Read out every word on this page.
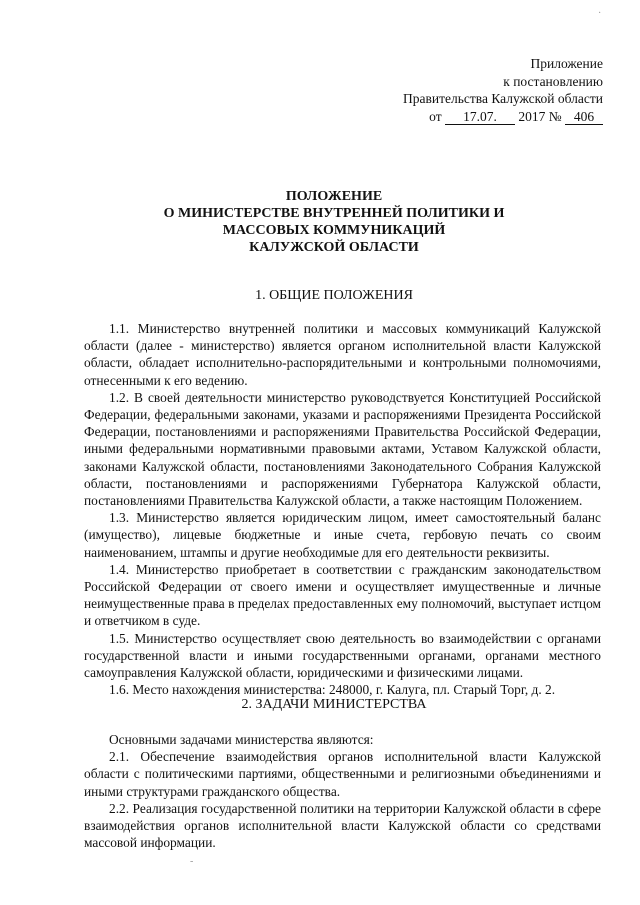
Приложение
к постановлению
Правительства Калужской области
от 17.07. 2017 № 406
ПОЛОЖЕНИЕ
О МИНИСТЕРСТВЕ ВНУТРЕННЕЙ ПОЛИТИКИ И
МАССОВЫХ КОММУНИКАЦИЙ
КАЛУЖСКОЙ ОБЛАСТИ
1. ОБЩИЕ ПОЛОЖЕНИЯ

1.1. Министерство внутренней политики и массовых коммуникаций Калужской области (далее - министерство) является органом исполнительной власти Калужской области, обладает исполнительно-распорядительными и контрольными полномочиями, отнесенными к его ведению.

1.2. В своей деятельности министерство руководствуется Конституцией Российской Федерации, федеральными законами, указами и распоряжениями Президента Российской Федерации, постановлениями и распоряжениями Правительства Российской Федерации, иными федеральными нормативными правовыми актами, Уставом Калужской области, законами Калужской области, постановлениями Законодательного Собрания Калужской области, постановлениями и распоряжениями Губернатора Калужской области, постановлениями Правительства Калужской области, а также настоящим Положением.

1.3. Министерство является юридическим лицом, имеет самостоятельный баланс (имущество), лицевые бюджетные и иные счета, гербовую печать со своим наименованием, штампы и другие необходимые для его деятельности реквизиты.

1.4. Министерство приобретает в соответствии с гражданским законодательством Российской Федерации от своего имени и осуществляет имущественные и личные неимущественные права в пределах предоставленных ему полномочий, выступает истцом и ответчиком в суде.

1.5. Министерство осуществляет свою деятельность во взаимодействии с органами государственной власти и иными государственными органами, органами местного самоуправления Калужской области, юридическими и физическими лицами.

1.6. Место нахождения министерства: 248000, г. Калуга, пл. Старый Торг, д. 2.

2. ЗАДАЧИ МИНИСТЕРСТВА

Основными задачами министерства являются:

2.1. Обеспечение взаимодействия органов исполнительной власти Калужской области с политическими партиями, общественными и религиозными объединениями и иными структурами гражданского общества.

2.2. Реализация государственной политики на территории Калужской области в сфере взаимодействия органов исполнительной власти Калужской области со средствами массовой информации.

·
-
